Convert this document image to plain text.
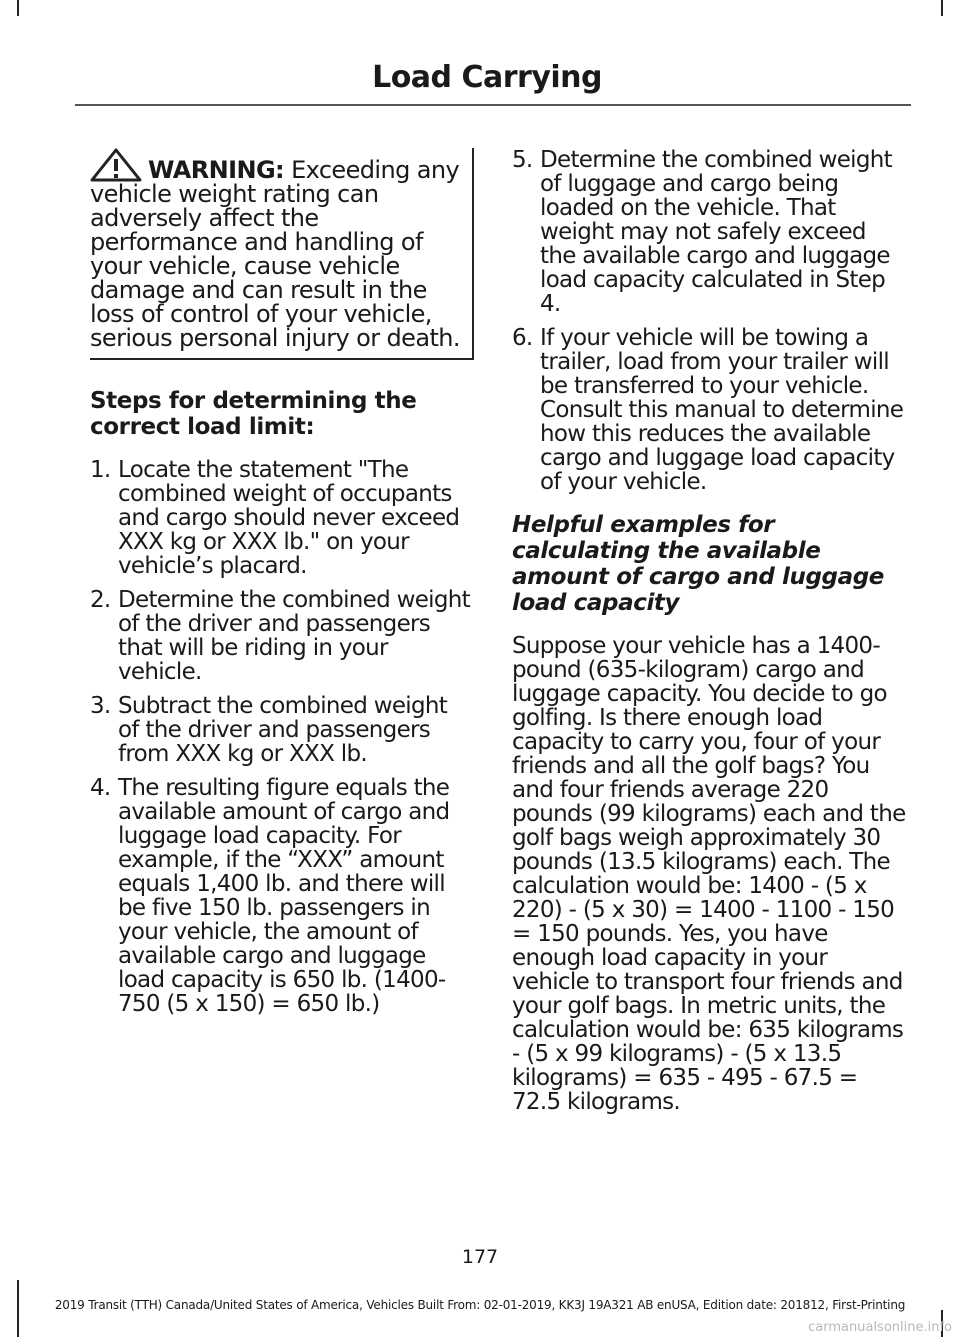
Load Carrying

WARNING: Exceeding any vehicle weight rating can adversely affect the performance and handling of your vehicle, cause vehicle damage and can result in the loss of control of your vehicle, serious personal injury or death.

Steps for determining the correct load limit:
1. Locate the statement "The combined weight of occupants and cargo should never exceed XXX kg or XXX lb." on your vehicle’s placard.
2. Determine the combined weight of the driver and passengers that will be riding in your vehicle.
3. Subtract the combined weight of the driver and passengers from XXX kg or XXX lb.
4. The resulting figure equals the available amount of cargo and luggage load capacity. For example, if the “XXX” amount equals 1,400 lb. and there will be five 150 lb. passengers in your vehicle, the amount of available cargo and luggage load capacity is 650 lb. (1400-750 (5 x 150) = 650 lb.)
5. Determine the combined weight of luggage and cargo being loaded on the vehicle. That weight may not safely exceed the available cargo and luggage load capacity calculated in Step 4.
6. If your vehicle will be towing a trailer, load from your trailer will be transferred to your vehicle. Consult this manual to determine how this reduces the available cargo and luggage load capacity of your vehicle.
Helpful examples for calculating the available amount of cargo and luggage load capacity

Suppose your vehicle has a 1400-pound (635-kilogram) cargo and luggage capacity. You decide to go golfing. Is there enough load capacity to carry you, four of your friends and all the golf bags? You and four friends average 220 pounds (99 kilograms) each and the golf bags weigh approximately 30 pounds (13.5 kilograms) each. The calculation would be: 1400 - (5 x 220) - (5 x 30) = 1400 - 1100 - 150 = 150 pounds. Yes, you have enough load capacity in your vehicle to transport four friends and your golf bags. In metric units, the calculation would be: 635 kilograms - (5 x 99 kilograms) - (5 x 13.5 kilograms) = 635 - 495 - 67.5 = 72.5 kilograms.

177
2019 Transit (TTH) Canada/United States of America, Vehicles Built From: 02-01-2019, KK3J 19A321 AB enUSA, Edition date: 201812, First-Printing
carmanualsonline.info
